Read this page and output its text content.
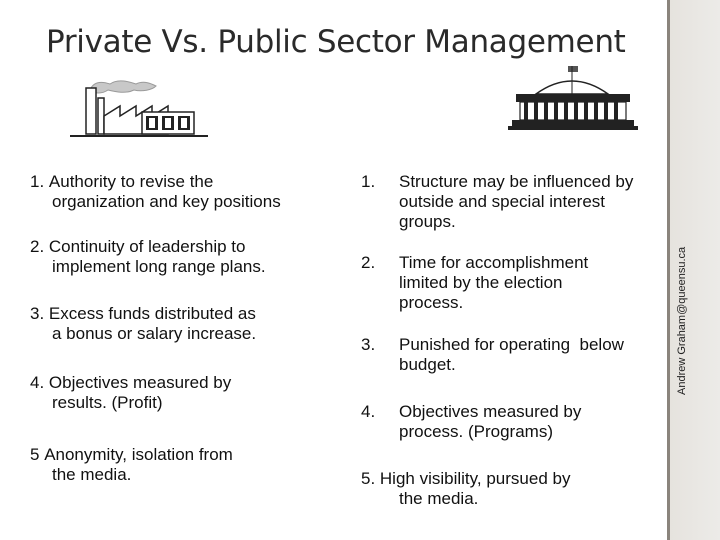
Andrew Graham@queensu.ca
Private Vs. Public Sector Management
1. Authority to revise the
organization and key positions
2. Continuity of leadership to
implement long range plans.
3. Excess funds distributed as
a bonus or salary increase.
4. Objectives measured by
results. (Profit)
5 Anonymity, isolation from
the media.
1. Structure may be influenced by
outside and special interest
groups.
2. Time for accomplishment
limited by the election
process.
3. Punished for operating  below
budget.
4. Objectives measured by
process. (Programs)
5. High visibility, pursued by
the media.
